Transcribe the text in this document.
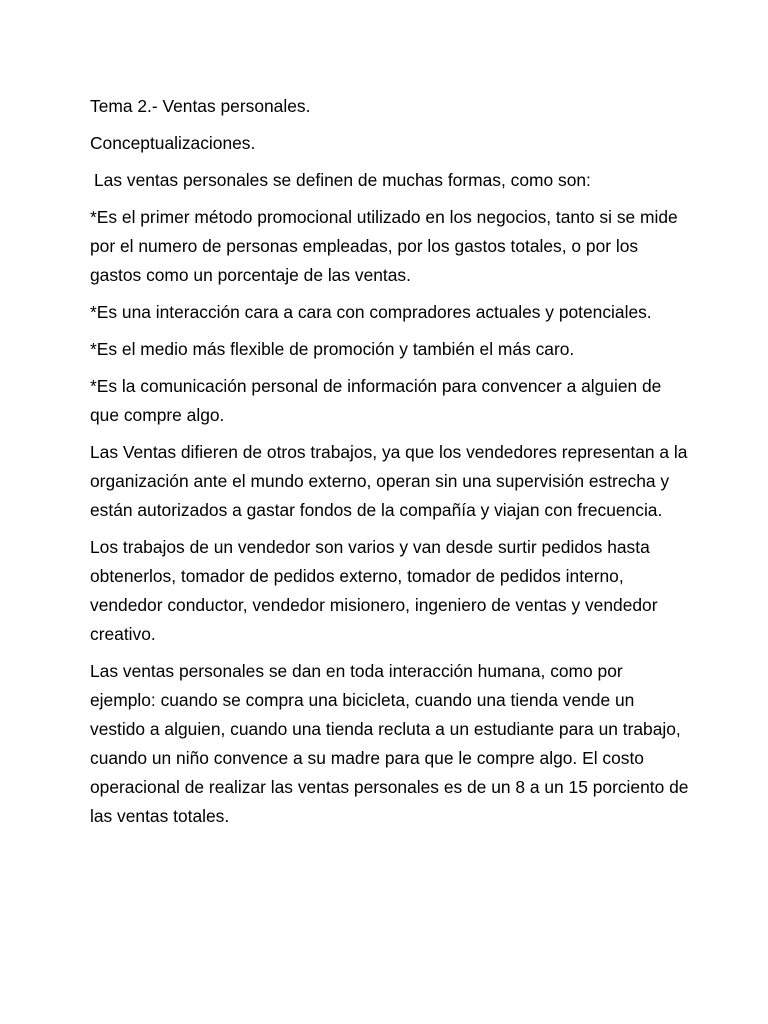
Tema 2.- Ventas personales.

Conceptualizaciones.

Las ventas personales se definen de muchas formas, como son:

*Es el primer método promocional utilizado en los negocios, tanto si se mide por el numero de personas empleadas, por los gastos totales, o por los gastos como un porcentaje de las ventas.

*Es una interacción cara a cara con compradores actuales y potenciales.

*Es el medio más flexible de promoción y también el más caro.

*Es la comunicación personal de información para convencer a alguien de que compre algo.

Las Ventas difieren de otros trabajos, ya que los vendedores representan a la organización ante el mundo externo, operan sin una supervisión estrecha y están autorizados a gastar fondos de la compañía y viajan con frecuencia.

Los trabajos de un vendedor son varios y van desde surtir pedidos hasta obtenerlos, tomador de pedidos externo, tomador de pedidos interno, vendedor conductor, vendedor misionero, ingeniero de ventas y vendedor creativo.

Las ventas personales se dan en toda interacción humana, como por ejemplo: cuando se compra una bicicleta, cuando una tienda vende un vestido a alguien, cuando una tienda recluta a un estudiante para un trabajo, cuando un niño convence a su madre para que le compre algo. El costo operacional de realizar las ventas personales es de un 8 a un 15 porciento de las ventas totales.
